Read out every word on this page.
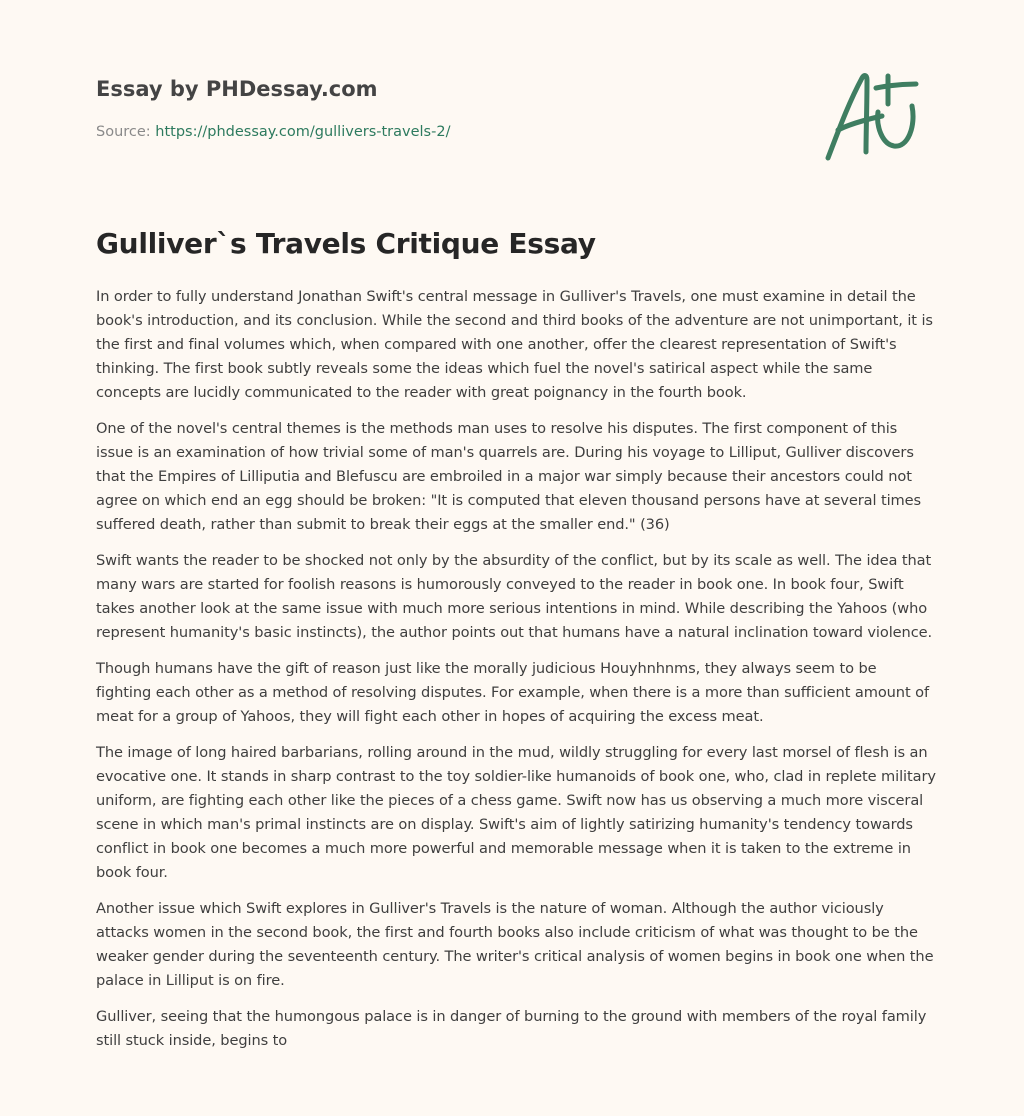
Essay by PHDessay.com
Source: https://phdessay.com/gullivers-travels-2/
Gulliver`s Travels Critique Essay

In order to fully understand Jonathan Swift's central message in Gulliver's Travels, one must examine in detail the book's introduction, and its conclusion. While the second and third books of the adventure are not unimportant, it is the first and final volumes which, when compared with one another, offer the clearest representation of Swift's thinking. The first book subtly reveals some the ideas which fuel the novel's satirical aspect while the same concepts are lucidly communicated to the reader with great poignancy in the fourth book.

One of the novel's central themes is the methods man uses to resolve his disputes. The first component of this issue is an examination of how trivial some of man's quarrels are. During his voyage to Lilliput, Gulliver discovers that the Empires of Lilliputia and Blefuscu are embroiled in a major war simply because their ancestors could not agree on which end an egg should be broken: "It is computed that eleven thousand persons have at several times suffered death, rather than submit to break their eggs at the smaller end." (36)

Swift wants the reader to be shocked not only by the absurdity of the conflict, but by its scale as well. The idea that many wars are started for foolish reasons is humorously conveyed to the reader in book one. In book four, Swift takes another look at the same issue with much more serious intentions in mind. While describing the Yahoos (who represent humanity's basic instincts), the author points out that humans have a natural inclination toward violence.

Though humans have the gift of reason just like the morally judicious Houyhnhnms, they always seem to be fighting each other as a method of resolving disputes. For example, when there is a more than sufficient amount of meat for a group of Yahoos, they will fight each other in hopes of acquiring the excess meat.

The image of long haired barbarians, rolling around in the mud, wildly struggling for every last morsel of flesh is an evocative one. It stands in sharp contrast to the toy soldier-like humanoids of book one, who, clad in replete military uniform, are fighting each other like the pieces of a chess game. Swift now has us observing a much more visceral scene in which man's primal instincts are on display. Swift's aim of lightly satirizing humanity's tendency towards conflict in book one becomes a much more powerful and memorable message when it is taken to the extreme in book four.

Another issue which Swift explores in Gulliver's Travels is the nature of woman. Although the author viciously attacks women in the second book, the first and fourth books also include criticism of what was thought to be the weaker gender during the seventeenth century. The writer's critical analysis of women begins in book one when the palace in Lilliput is on fire.

Gulliver, seeing that the humongous palace is in danger of burning to the ground with members of the royal family still stuck inside, begins to
